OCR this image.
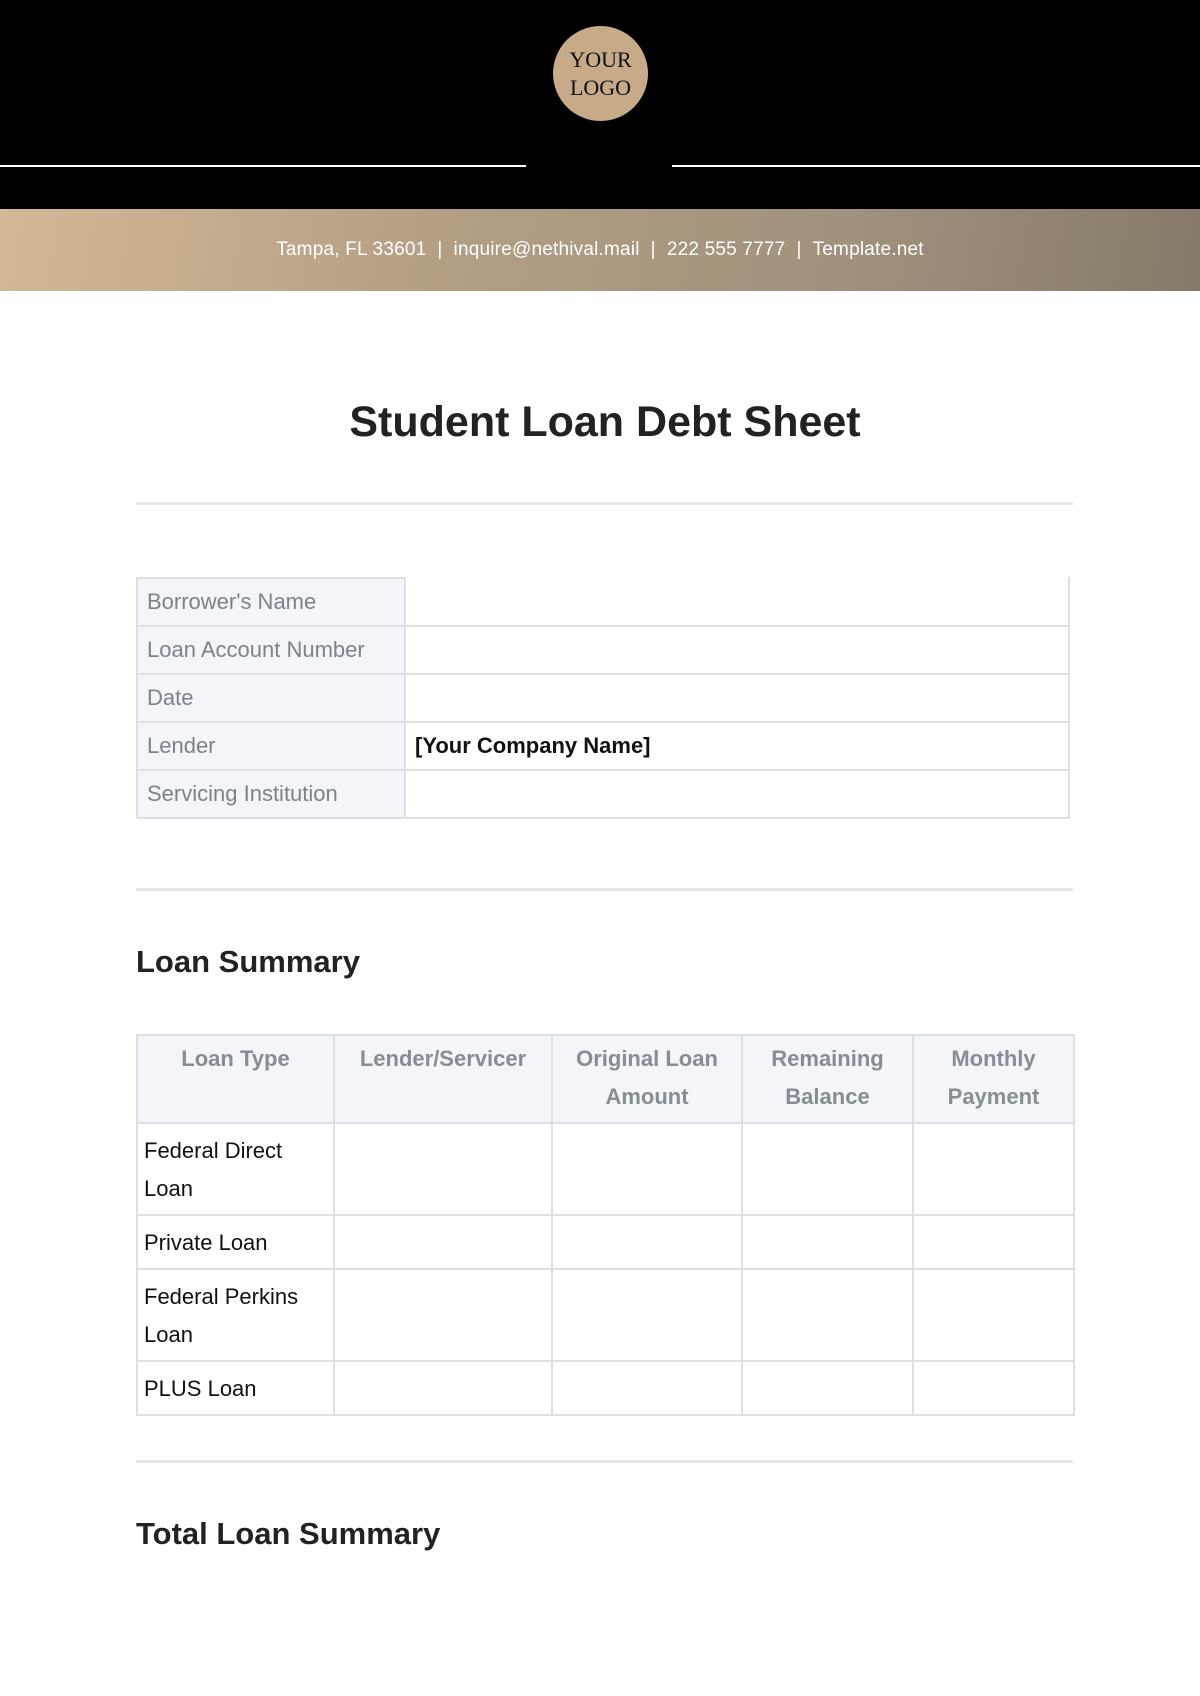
YOUR LOGO
Tampa, FL 33601 | inquire@nethival.mail | 222 555 7777 | Template.net
Student Loan Debt Sheet
Borrower's Name	
Loan Account Number	
Date	
Lender	[Your Company Name]
Servicing Institution	
Loan Summary
Loan Type	Lender/Servicer	Original Loan Amount	Remaining Balance	Monthly Payment
Federal Direct Loan				
Private Loan				
Federal Perkins Loan				
PLUS Loan				
Total Loan Summary
